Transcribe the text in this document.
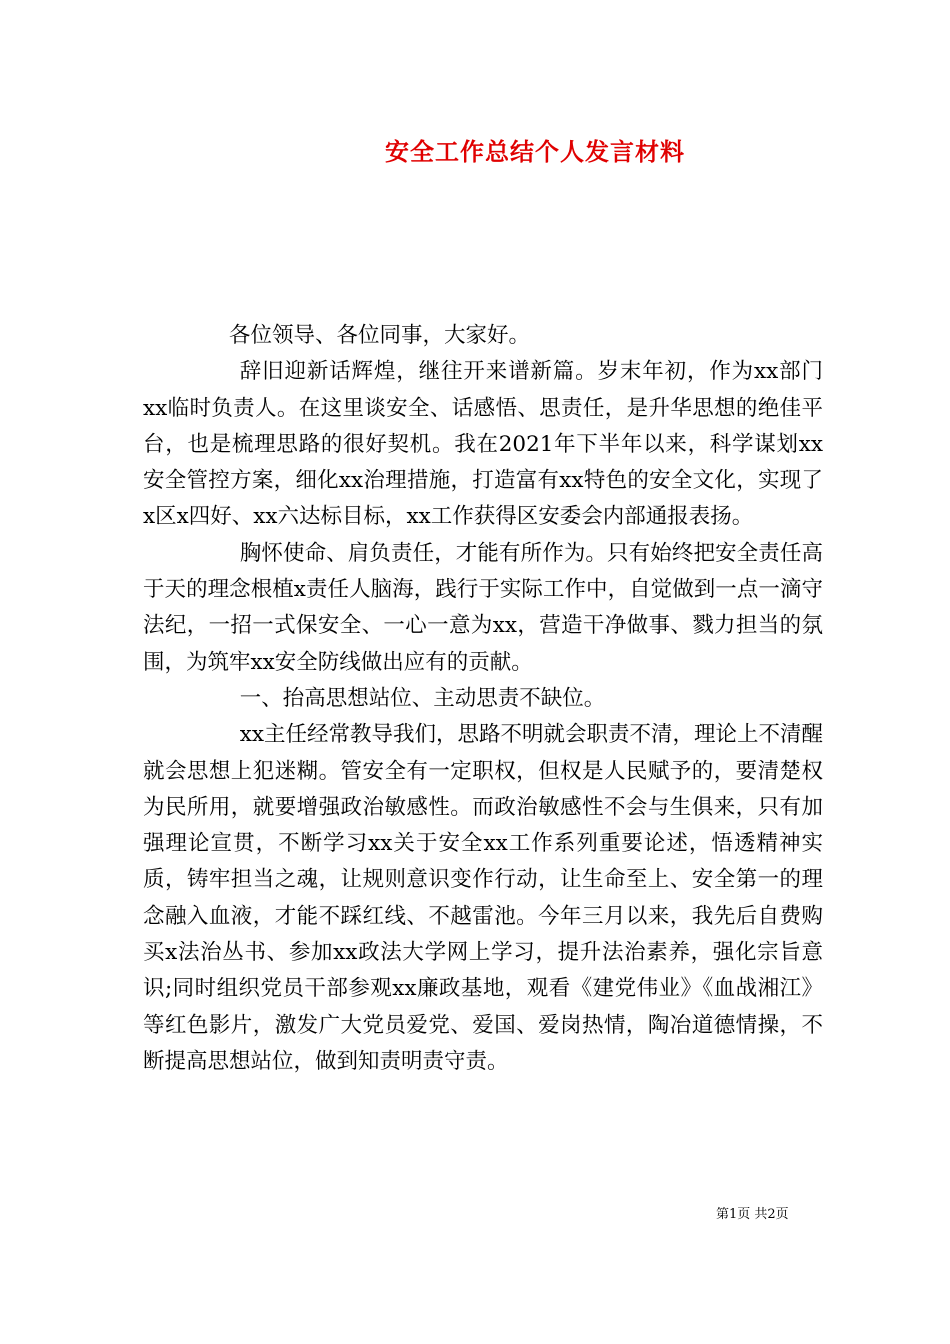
安全工作总结个人发言材料

各位领导、各位同事，大家好。

辞旧迎新话辉煌，继往开来谱新篇。岁末年初，作为xx部门xx临时负责人。在这里谈安全、话感悟、思责任，是升华思想的绝佳平台，也是梳理思路的很好契机。我在2021年下半年以来，科学谋划xx安全管控方案，细化xx治理措施，打造富有xx特色的安全文化，实现了x区x四好、xx六达标目标，xx工作获得区安委会内部通报表扬。

胸怀使命、肩负责任，才能有所作为。只有始终把安全责任高于天的理念根植x责任人脑海，践行于实际工作中，自觉做到一点一滴守法纪，一招一式保安全、一心一意为xx，营造干净做事、戮力担当的氛围，为筑牢xx安全防线做出应有的贡献。

一、抬高思想站位、主动思责不缺位。

xx主任经常教导我们，思路不明就会职责不清，理论上不清醒就会思想上犯迷糊。管安全有一定职权，但权是人民赋予的，要清楚权为民所用，就要增强政治敏感性。而政治敏感性不会与生俱来，只有加强理论宣贯，不断学习xx关于安全xx工作系列重要论述，悟透精神实质，铸牢担当之魂，让规则意识变作行动，让生命至上、安全第一的理念融入血液，才能不踩红线、不越雷池。今年三月以来，我先后自费购买x法治丛书、参加xx政法大学网上学习，提升法治素养，强化宗旨意识;同时组织党员干部参观xx廉政基地，观看《建党伟业》《血战湘江》等红色影片，激发广大党员爱党、爱国、爱岗热情，陶冶道德情操，不断提高思想站位，做到知责明责守责。

第1页 共2页
